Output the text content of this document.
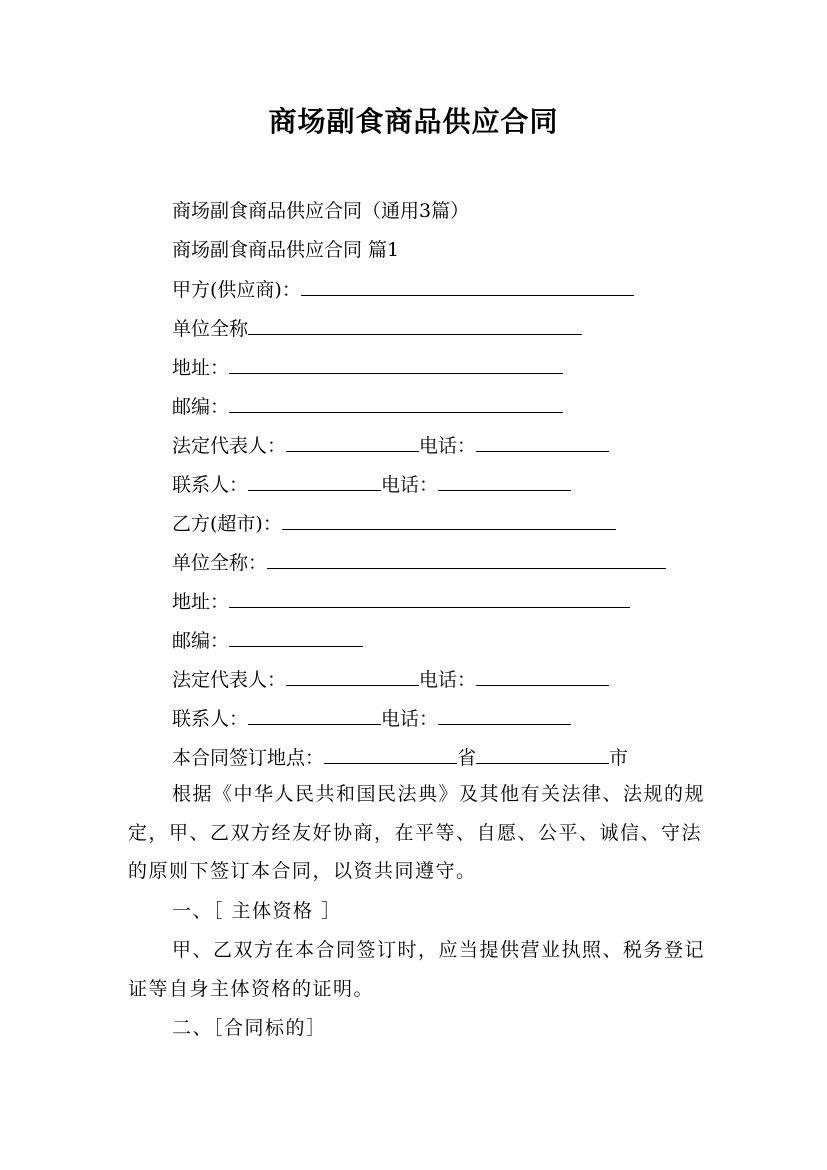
商场副食商品供应合同
商场副食商品供应合同（通用3篇）
商场副食商品供应合同 篇1
甲方(供应商)：
单位全称
地址：
邮编：
法定代表人：	电话：
联系人：	电话：
乙方(超市)：
单位全称：
地址：
邮编：
法定代表人：	电话：
联系人：	电话：
本合同签订地点：	省	市
根据《中华人民共和国民法典》及其他有关法律、法规的规定，甲、乙双方经友好协商，在平等、自愿、公平、诚信、守法的原则下签订本合同，以资共同遵守。
一、［ 主体资格 ］
甲、乙双方在本合同签订时，应当提供营业执照、税务登记证等自身主体资格的证明。
二、［合同标的］
